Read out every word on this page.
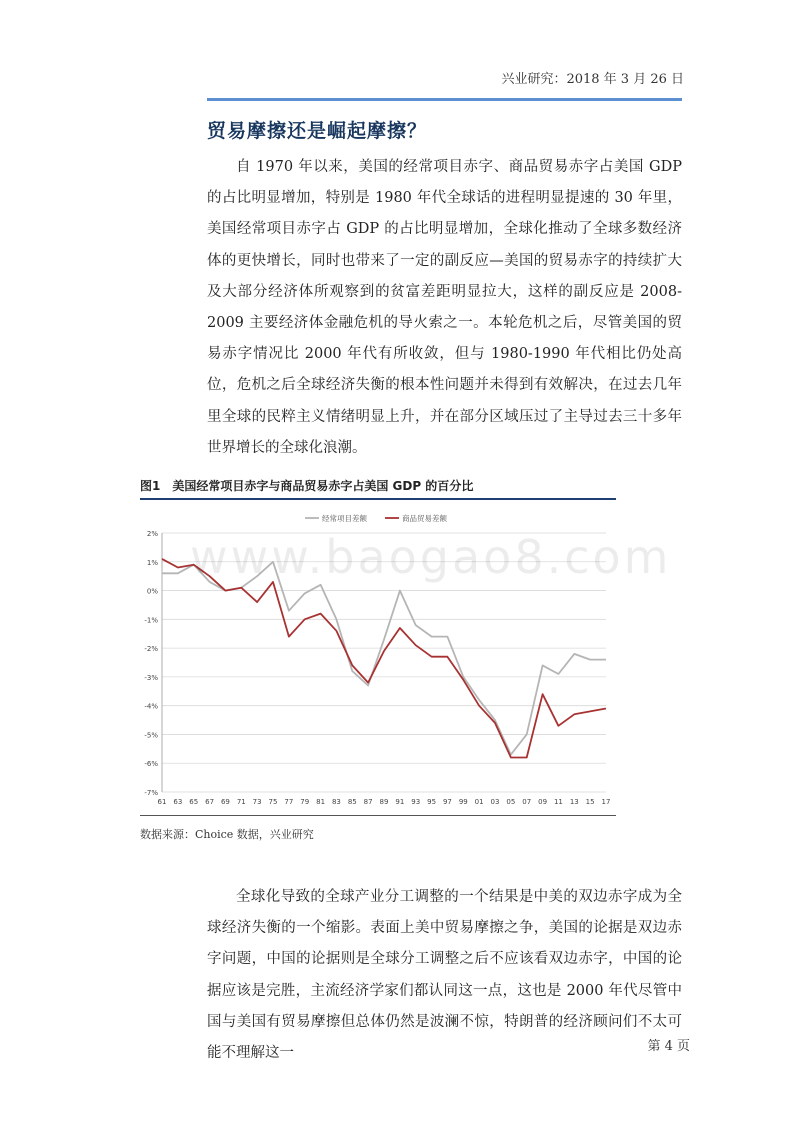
兴业研究：2018 年 3 月 26 日
贸易摩擦还是崛起摩擦？

自 1970 年以来，美国的经常项目赤字、商品贸易赤字占美国 GDP 的占比明显增加，特别是 1980 年代全球话的进程明显提速的 30 年里，美国经常项目赤字占 GDP 的占比明显增加，全球化推动了全球多数经济体的更快增长，同时也带来了一定的副反应—美国的贸易赤字的持续扩大及大部分经济体所观察到的贫富差距明显拉大，这样的副反应是 2008-2009 主要经济体金融危机的导火索之一。本轮危机之后，尽管美国的贸易赤字情况比 2000 年代有所收敛，但与 1980-1990 年代相比仍处高位，危机之后全球经济失衡的根本性问题并未得到有效解决，在过去几年里全球的民粹主义情绪明显上升，并在部分区域压过了主导过去三十多年世界增长的全球化浪潮。

图1　美国经常项目赤字与商品贸易赤字占美国 GDP 的百分比
-7%
-6%
-5%
-4%
-3%
-2%
-1%
0%
1%
2%
61 63 65 67 69 71 73 75 77 79 81 83 85 87 89 91 93 95 97 99 01 03 05 07 09 11 13 15 17
经常项目差额	商品贸易差额
www.baogao8.com
数据来源：Choice 数据，兴业研究

全球化导致的全球产业分工调整的一个结果是中美的双边赤字成为全球经济失衡的一个缩影。表面上美中贸易摩擦之争，美国的论据是双边赤字问题，中国的论据则是全球分工调整之后不应该看双边赤字，中国的论据应该是完胜，主流经济学家们都认同这一点，这也是 2000 年代尽管中国与美国有贸易摩擦但总体仍然是波澜不惊，特朗普的经济顾问们不太可能不理解这一	第 4 页
